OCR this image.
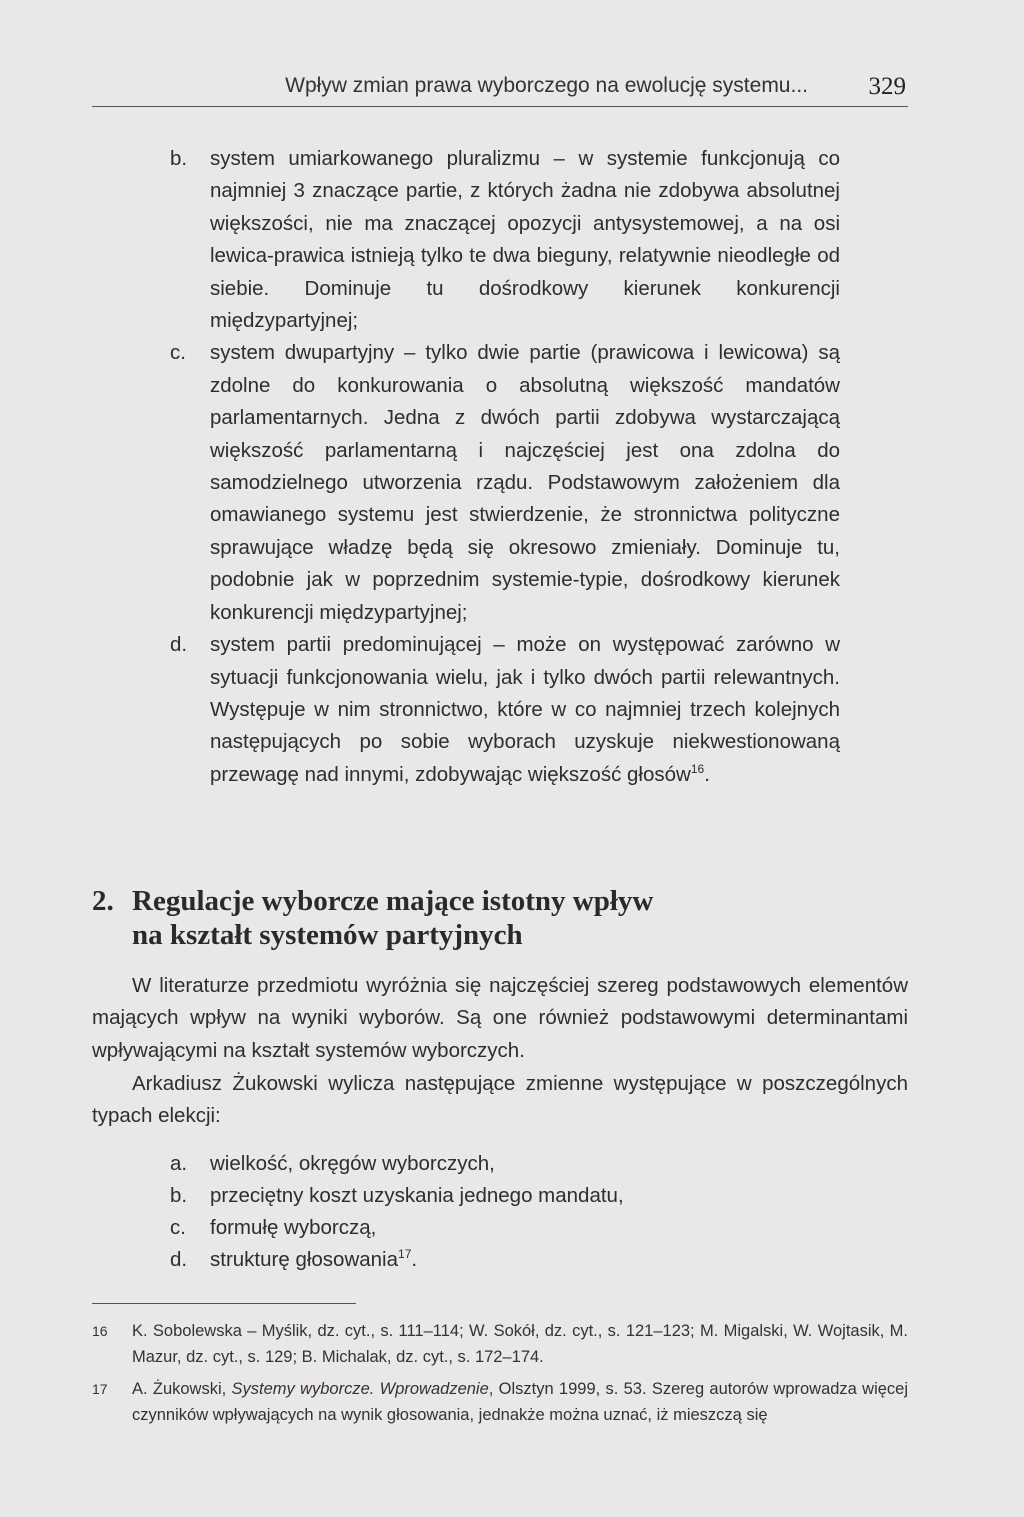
Wpływ zmian prawa wyborczego na ewolucję systemu... 329
b. system umiarkowanego pluralizmu – w systemie funkcjonują co najmniej 3 znaczące partie, z których żadna nie zdobywa absolutnej większości, nie ma znaczącej opozycji antysystemowej, a na osi lewica-prawica istnieją tylko te dwa bieguny, relatywnie nieodległe od siebie. Dominuje tu dośrodkowy kierunek konkurencji międzypartyjnej;
c. system dwupartyjny – tylko dwie partie (prawicowa i lewicowa) są zdolne do konkurowania o absolutną większość mandatów parlamentarnych. Jedna z dwóch partii zdobywa wystarczającą większość parlamentarną i najczęściej jest ona zdolna do samodzielnego utworzenia rządu. Podstawowym założeniem dla omawianego systemu jest stwierdzenie, że stronnictwa polityczne sprawujące władzę będą się okresowo zmieniały. Dominuje tu, podobnie jak w poprzednim systemie-typie, dośrodkowy kierunek konkurencji międzypartyjnej;
d. system partii predominującej – może on występować zarówno w sytuacji funkcjonowania wielu, jak i tylko dwóch partii relewantnych. Występuje w nim stronnictwo, które w co najmniej trzech kolejnych następujących po sobie wyborach uzyskuje niekwestionowaną przewagę nad innymi, zdobywając większość głosów$^{16}$.
2. Regulacje wyborcze mające istotny wpływ
na kształt systemów partyjnych
W literaturze przedmiotu wyróżnia się najczęściej szereg podstawowych elementów mających wpływ na wyniki wyborów. Są one również podstawowymi determinantami wpływającymi na kształt systemów wyborczych.
Arkadiusz Żukowski wylicza następujące zmienne występujące w poszczególnych typach elekcji:
a. wielkość, okręgów wyborczych,
b. przeciętny koszt uzyskania jednego mandatu,
c. formułę wyborczą,
d. strukturę głosowania$^{17}$.
16 K. Sobolewska – Myślik, dz. cyt., s. 111–114; W. Sokół, dz. cyt., s. 121–123; M. Migalski, W. Wojtasik, M. Mazur, dz. cyt., s. 129; B. Michalak, dz. cyt., s. 172–174.
17 A. Żukowski, Systemy wyborcze. Wprowadzenie, Olsztyn 1999, s. 53. Szereg autorów wprowadza więcej czynników wpływających na wynik głosowania, jednakże można uznać, iż mieszczą się
